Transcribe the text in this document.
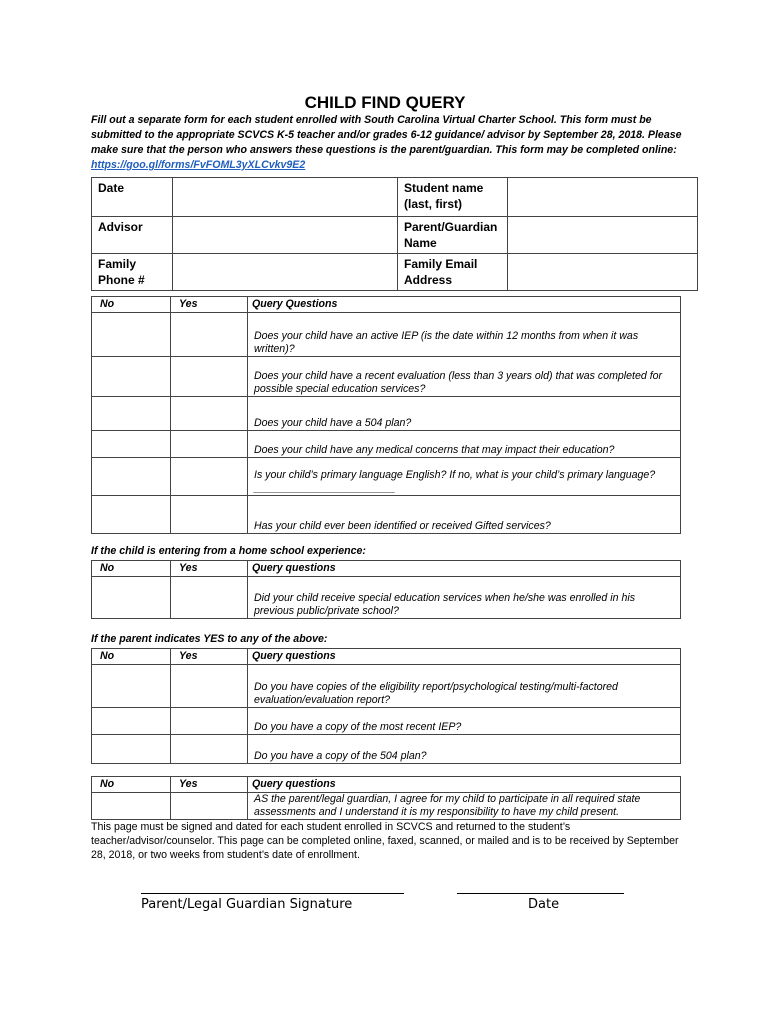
CHILD FIND QUERY
Fill out a separate form for each student enrolled with South Carolina Virtual Charter School. This form must be submitted to the appropriate SCVCS K-5 teacher and/or grades 6-12 guidance/ advisor by September 28, 2018. Please make sure that the person who answers these questions is the parent/guardian. This form may be completed online: https://goo.gl/forms/FvFOML3yXLCvkv9E2
Date		Student name (last, first)	
Advisor		Parent/Guardian Name	
Family Phone #		Family Email Address	
No	Yes	Query Questions
		Does your child have an active IEP (is the date within 12 months from when it was written)?
		Does your child have a recent evaluation (less than 3 years old) that was completed for possible special education services?
		Does your child have a 504 plan?
		Does your child have any medical concerns that may impact their education?
		Is your child’s primary language English? If no, what is your child’s primary language?________________________
		Has your child ever been identified or received Gifted services?
If the child is entering from a home school experience:
No	Yes	Query questions
		Did your child receive special education services when he/she was enrolled in his previous public/private school?
If the parent indicates YES to any of the above:
No	Yes	Query questions
		Do you have copies of the eligibility report/psychological testing/multi-factored evaluation/evaluation report?
		Do you have a copy of the most recent IEP?
		Do you have a copy of the 504 plan?
No	Yes	Query questions
		AS the parent/legal guardian, I agree for my child to participate in all required state assessments and I understand it is my responsibility to have my child present.
This page must be signed and dated for each student enrolled in SCVCS and returned to the student’s teacher/advisor/counselor. This page can be completed online, faxed, scanned, or mailed and is to be received by September 28, 2018, or two weeks from student’s date of enrollment.
Parent/Legal Guardian Signature	Date
